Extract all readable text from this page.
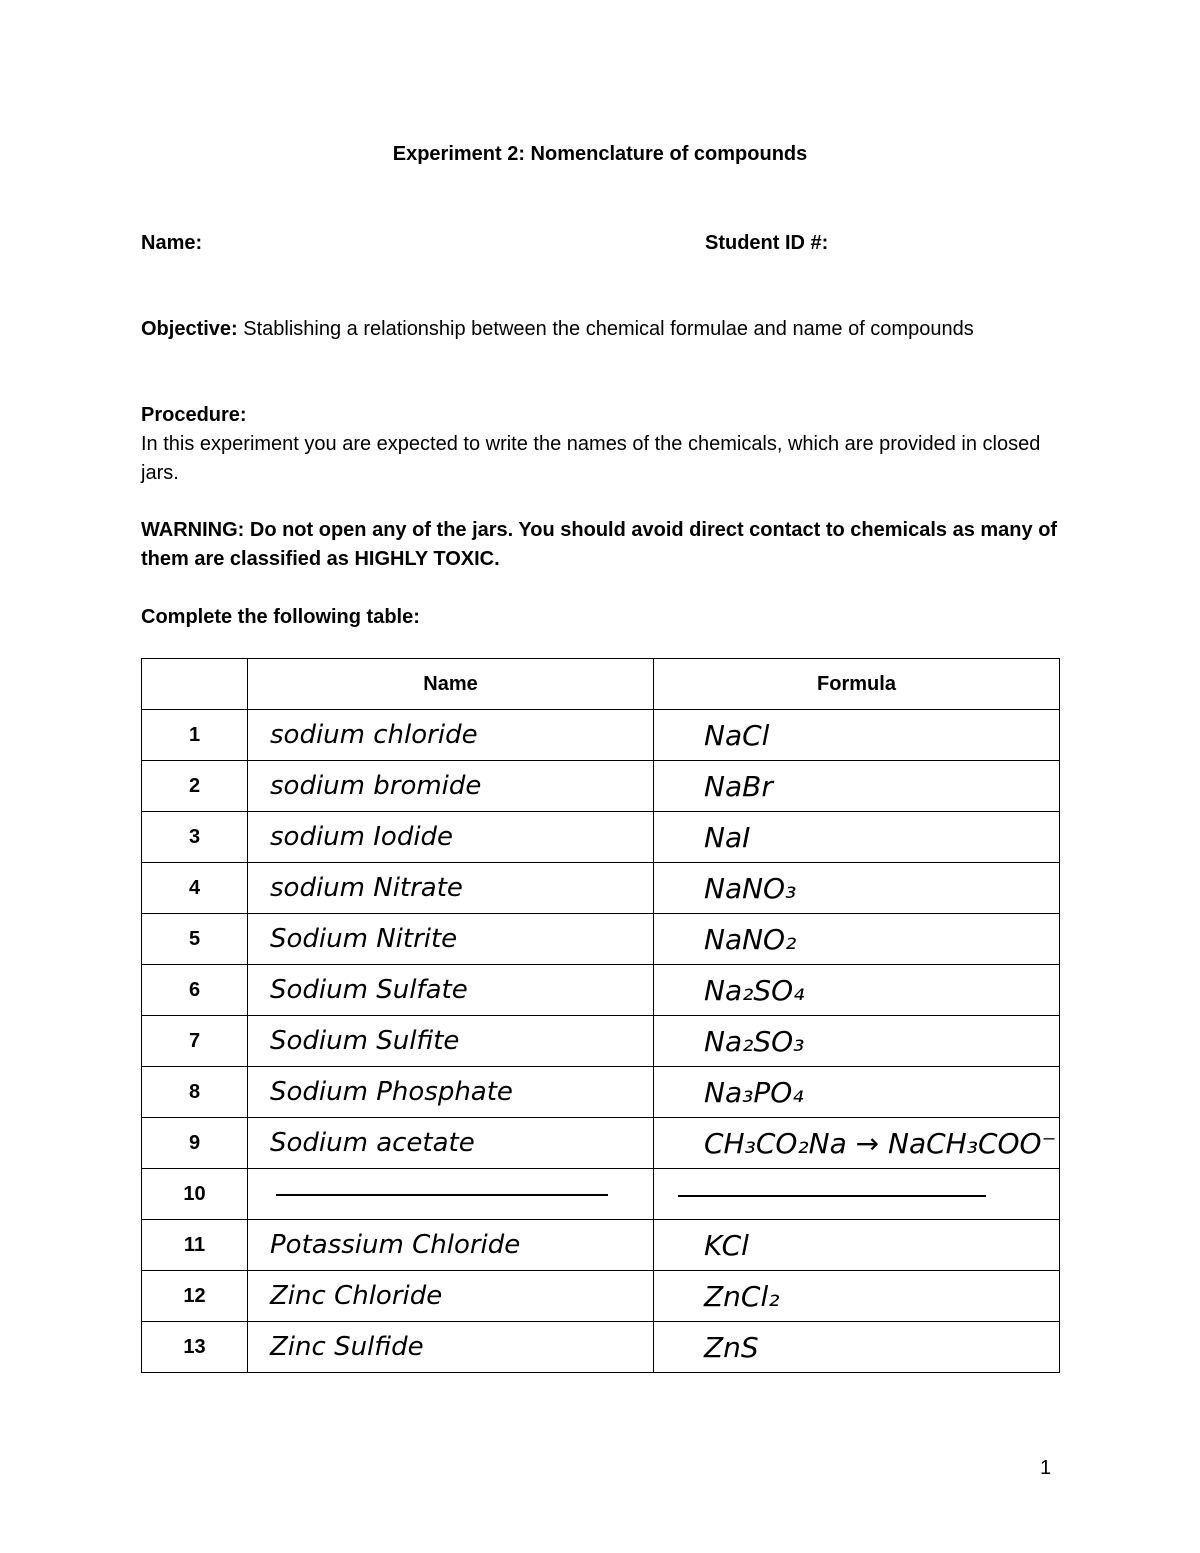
Experiment 2: Nomenclature of compounds
Name:	Student ID #:
Objective: Stablishing a relationship between the chemical formulae and name of compounds
Procedure:
In this experiment you are expected to write the names of the chemicals, which are provided in closed jars.
WARNING: Do not open any of the jars. You should avoid direct contact to chemicals as many of them are classified as HIGHLY TOXIC.
Complete the following table:
	Name	Formula
1	sodium chloride	NaCl
2	sodium bromide	NaBr
3	sodium Iodide	NaI
4	sodium Nitrate	NaNO₃
5	Sodium Nitrite	NaNO₂
6	Sodium Sulfate	Na₂SO₄
7	Sodium Sulfite	Na₂SO₃
8	Sodium Phosphate	Na₃PO₄
9	Sodium acetate	CH₃CO₂Na → NaCH₃COO⁻
10		
11	Potassium Chloride	KCl
12	Zinc Chloride	ZnCl₂
13	Zinc Sulfide	ZnS
1
